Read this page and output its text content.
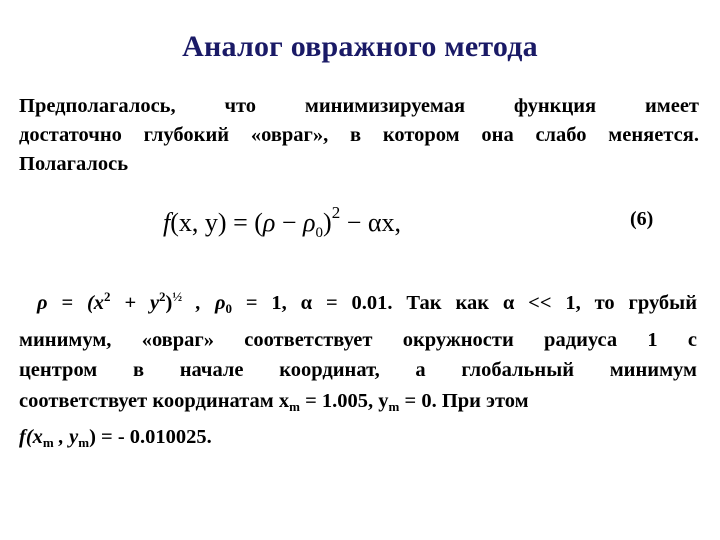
Аналог овражного метода
Предполагалось, что минимизируемая функция имеет
достаточно глубокий «овраг», в котором она слабо меняется.
Полагалось
f(x, $y) = (\rho - \rho_0)^2 - \alpha x$,	(6)
$\rho = (x^2 + y^2)^{\frac{1}{2}}$ , $\rho_0 = 1$, α = 0.01. Так как α << 1, то грубый
минимум, «овраг» соответствует окружности радиуса 1 с
центром в начале координат, а глобальный минимум
соответствует координатам $x_m = 1.005$, $y_m = 0$. При этом
$f(x_m$ , $y_m$) = - 0.010025.
